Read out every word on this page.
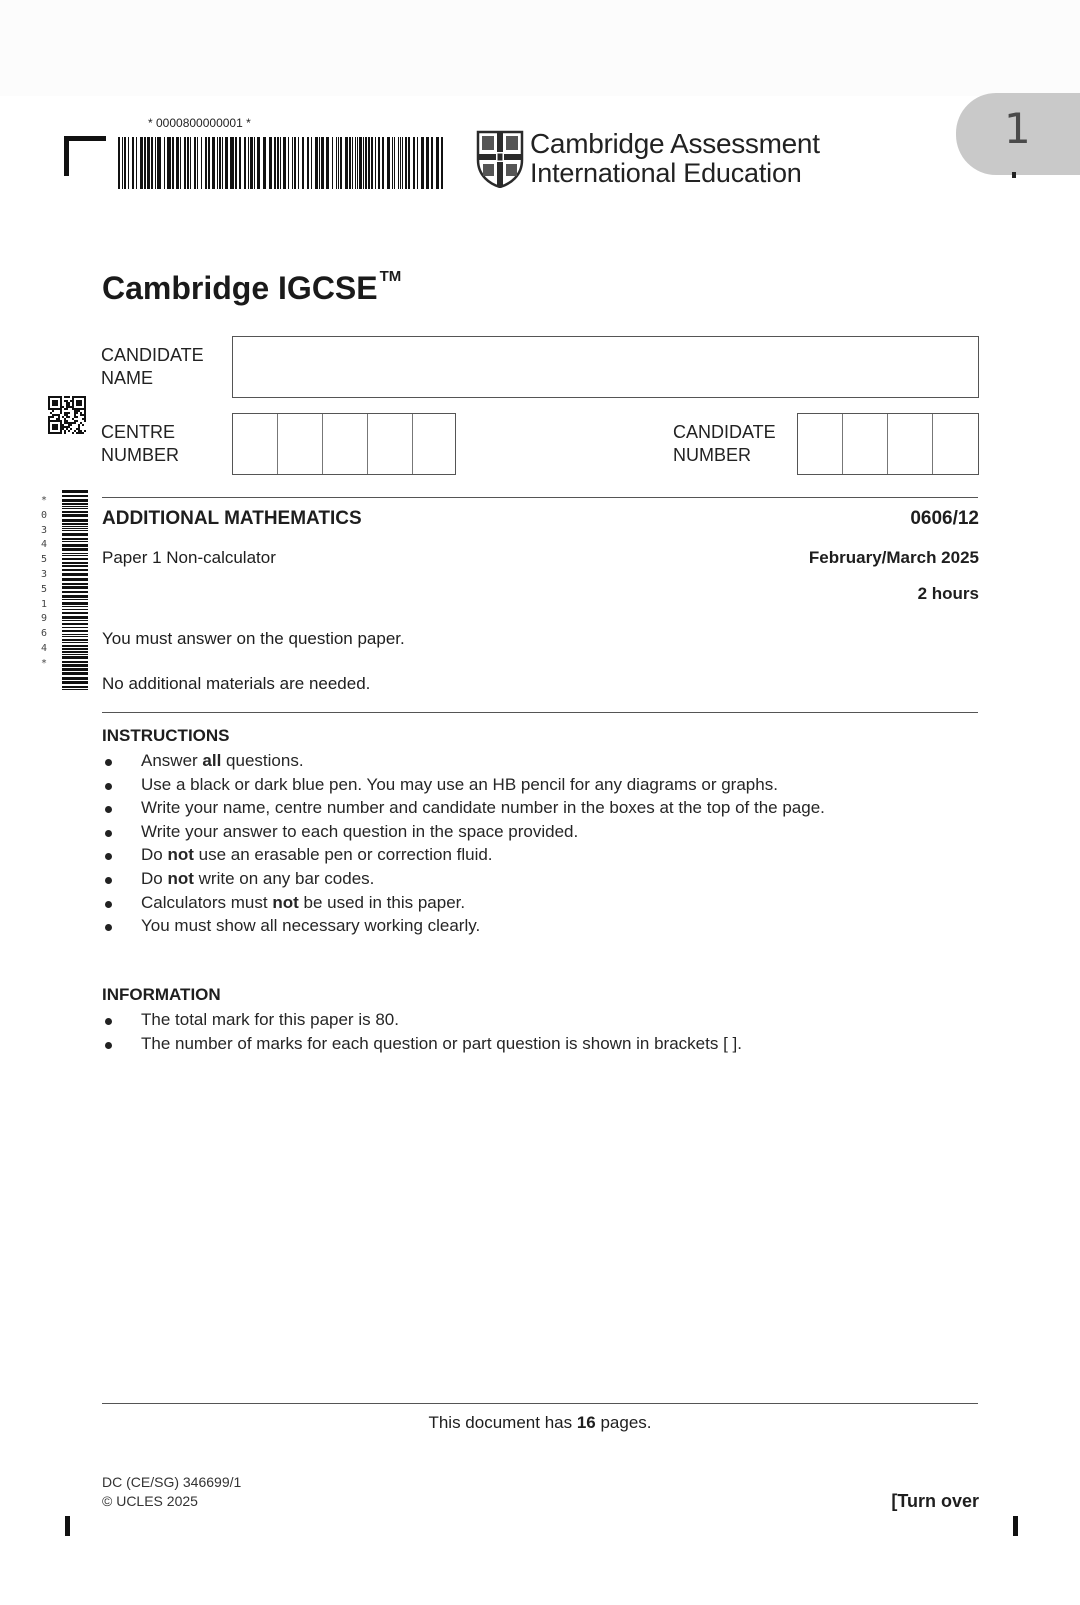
1
* 0000800000001 *
Cambridge Assessment
International Education
Cambridge IGCSE ™
CANDIDATE
NAME
CENTRE
NUMBER
CANDIDATE
NUMBER
*
0
3
4
5
3
5
1
9
6
4
*
ADDITIONAL MATHEMATICS	0606/12
Paper 1 Non-calculator	February/March 2025
2 hours
You must answer on the question paper.
No additional materials are needed.
INSTRUCTIONS
Answer all questions.
Use a black or dark blue pen. You may use an HB pencil for any diagrams or graphs.
Write your name, centre number and candidate number in the boxes at the top of the page.
Write your answer to each question in the space provided.
Do not use an erasable pen or correction fluid.
Do not write on any bar codes.
Calculators must not be used in this paper.
You must show all necessary working clearly.
INFORMATION
The total mark for this paper is 80.
The number of marks for each question or part question is shown in brackets [ ].
This document has 16 pages.
DC (CE/SG) 346699/1
© UCLES 2025	[Turn over
